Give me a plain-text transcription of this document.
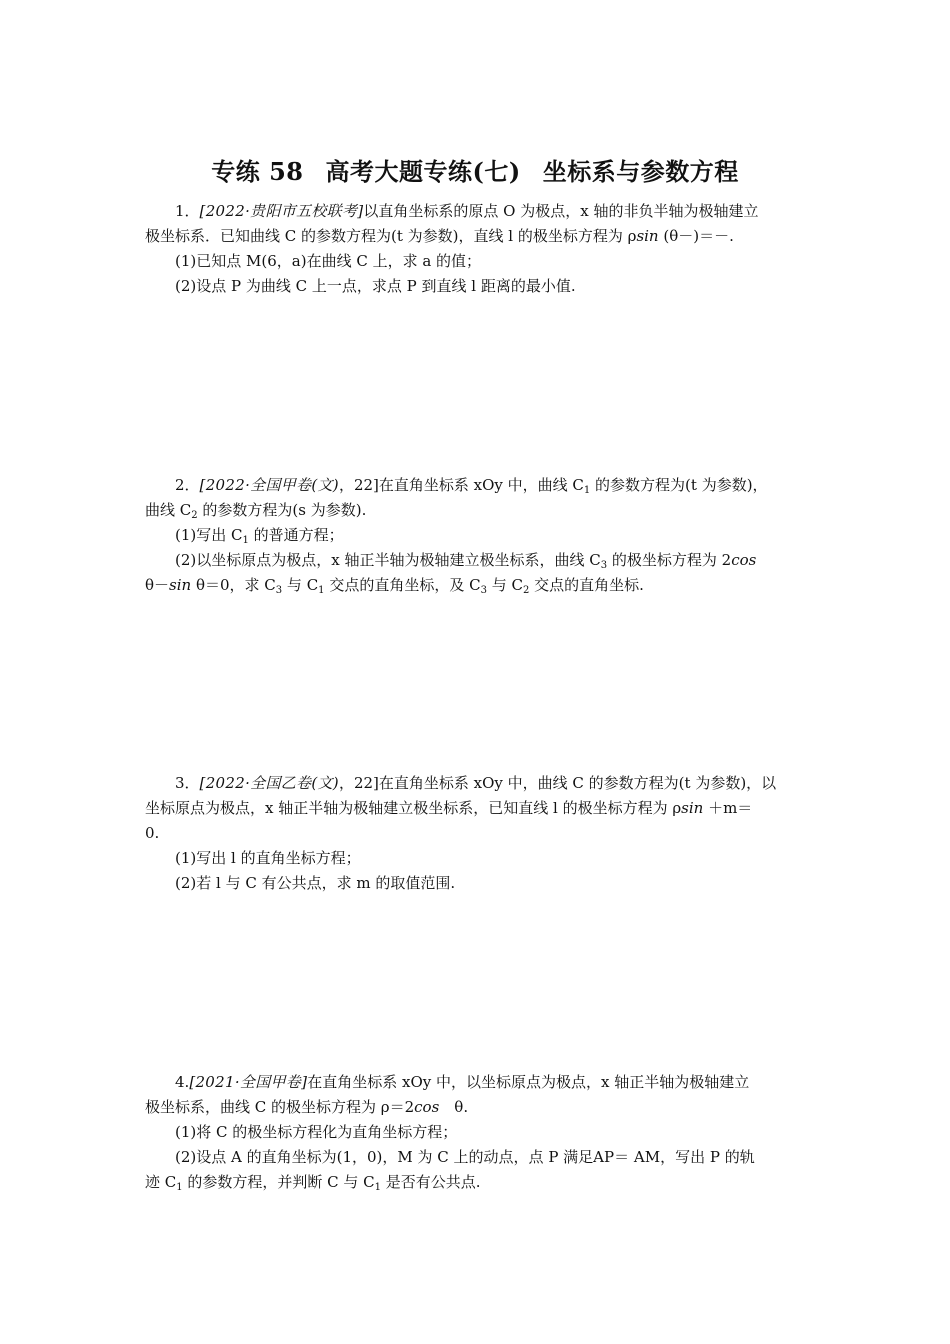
专练 58 高考大题专练(七) 坐标系与参数方程
1．[2022·贵阳市五校联考]以直角坐标系的原点 O 为极点，x 轴的非负半轴为极轴建立
极坐标系．已知曲线 C 的参数方程为(t 为参数)，直线 l 的极坐标方程为 ρsin (θ－)＝－.
(1)已知点 M(6，a)在曲线 C 上，求 a 的值；
(2)设点 P 为曲线 C 上一点，求点 P 到直线 l 距离的最小值.
2．[2022·全国甲卷(文)，22]在直角坐标系 xOy 中，曲线 $C_1$ 的参数方程为(t 为参数)，
曲线 $C_2$ 的参数方程为(s 为参数).
(1)写出 $C_1$ 的普通方程；
(2)以坐标原点为极点，x 轴正半轴为极轴建立极坐标系，曲线 $C_3$ 的极坐标方程为 2cos
θ－sin θ＝0，求 $C_3$ 与 $C_1$ 交点的直角坐标，及 $C_3$ 与 $C_2$ 交点的直角坐标.
3．[2022·全国乙卷(文)，22]在直角坐标系 xOy 中，曲线 C 的参数方程为(t 为参数)，以
坐标原点为极点，x 轴正半轴为极轴建立极坐标系，已知直线 l 的极坐标方程为 ρsin ＋m＝
0.
(1)写出 l 的直角坐标方程；
(2)若 l 与 C 有公共点，求 m 的取值范围.
4.[2021·全国甲卷]在直角坐标系 xOy 中，以坐标原点为极点，x 轴正半轴为极轴建立
极坐标系，曲线 C 的极坐标方程为 ρ＝2cos　θ.
(1)将 C 的极坐标方程化为直角坐标方程；
(2)设点 A 的直角坐标为(1，0)，M 为 C 上的动点，点 P 满足AP＝ AM，写出 P 的轨
迹 $C_1$ 的参数方程，并判断 C 与 $C_1$ 是否有公共点.
